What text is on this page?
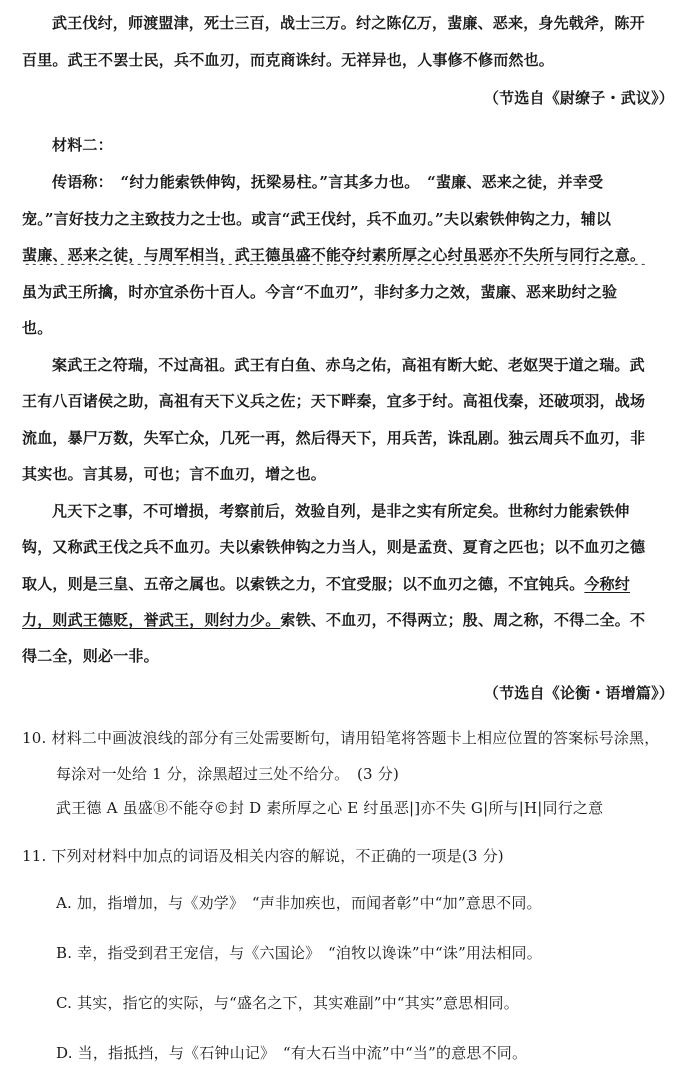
武王伐纣，师渡盟津，死士三百，战士三万。纣之陈亿万，蜚廉、恶来，身先戟斧，陈开
百里。武王不罢士民，兵不血刃，而克商诛纣。无祥异也，人事修不修而然也。
（节选自《尉缭子・武议》）
材料二：
传语称：　“纣力能索铁伸钩，抚梁易柱。”言其多力也。　“蜚廉、恶来之徒，并幸受
宠。”言好技力之主致技力之士也。或言“武王伐纣，兵不血刃。”夫以索铁伸钩之力，辅以
蜚廉、恶来之徒，与周军相当，武王德虽盛不能夺纣素所厚之心纣虽恶亦不失所与同行之意。
虽为武王所擒，时亦宜杀伤十百人。今言“不血刃”，非纣多力之效，蜚廉、恶来助纣之验
也。
案武王之符瑞，不过高祖。武王有白鱼、赤乌之佑，高祖有断大蛇、老妪哭于道之瑞。武
王有八百诸侯之助，高祖有天下义兵之佐；天下畔秦，宜多于纣。高祖伐秦，还破项羽，战场
流血，暴尸万数，失军亡众，几死一再，然后得天下，用兵苦，诛乱剧。独云周兵不血刃，非
其实也。言其易，可也；言不血刃，增之也。
凡天下之事，不可增损，考察前后，效验自列，是非之实有所定矣。世称纣力能索铁伸
钩，又称武王伐之兵不血刃。夫以索铁伸钩之力当人，则是孟贲、夏育之匹也；以不血刃之德
取人，则是三皇、五帝之属也。以索铁之力，不宜受服；以不血刃之德，不宜钝兵。今称纣
力，则武王德贬，誉武王，则纣力少。索铁、不血刃，不得两立；殷、周之称，不得二全。不
得二全，则必一非。
（节选自《论衡・语增篇》）
10. 材料二中画波浪线的部分有三处需要断句，请用铅笔将答题卡上相应位置的答案标号涂黑，
每涂对一处给 1 分，涂黑超过三处不给分。　(3 分)
武王德 A 虽盛Ⓑ不能夺©封 D 素所厚之心 E 纣虽恶|]亦不失 G|所与|H|同行之意
11. 下列对材料中加点的词语及相关内容的解说，不正确的一项是(3 分)
A. 加，指增加，与《劝学》　“声非加疾也，而闻者彰”中“加”意思不同。
B. 幸，指受到君王宠信，与《六国论》　“洎牧以谗诛”中“诛”用法相同。
C. 其实，指它的实际，与“盛名之下，其实难副”中“其实”意思相同。
D. 当，指抵挡，与《石钟山记》　“有大石当中流”中“当”的意思不同。
